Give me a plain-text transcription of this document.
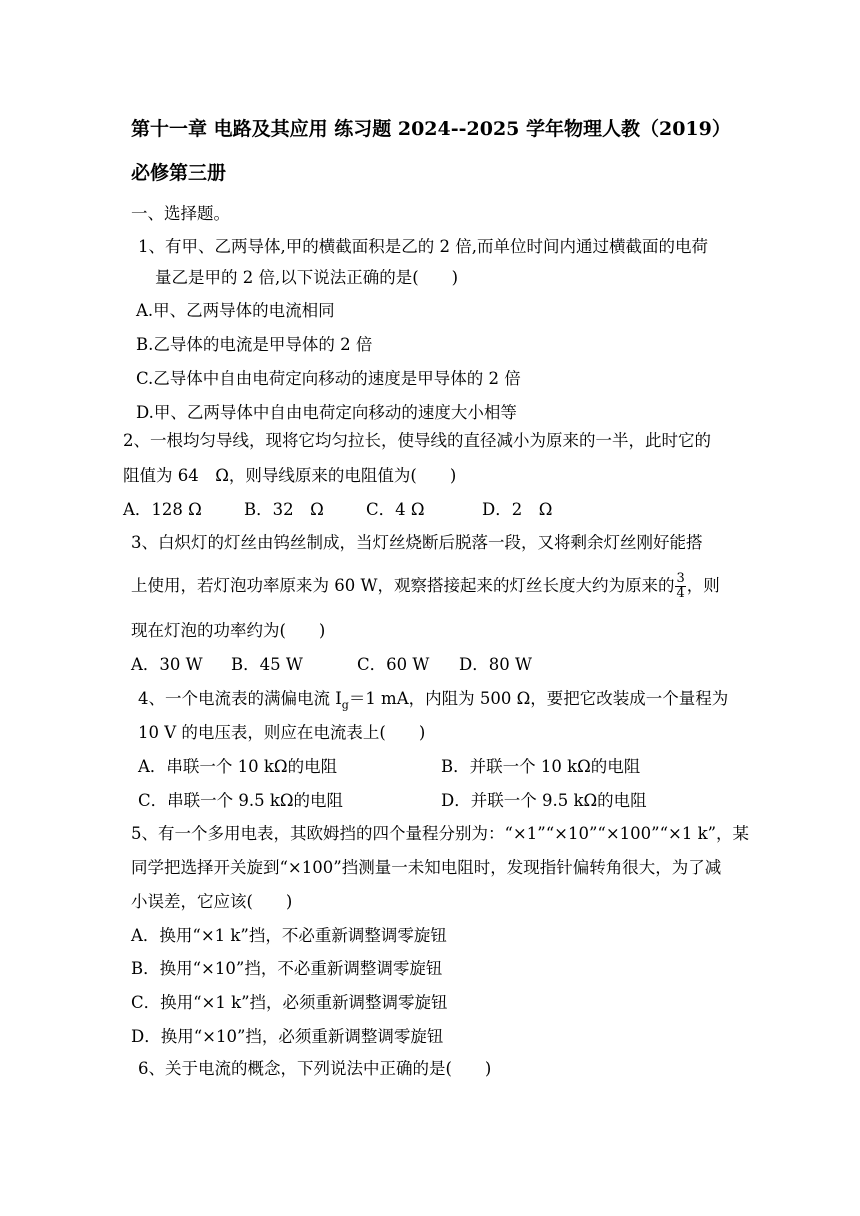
第十一章 电路及其应用 练习题 2024--2025 学年物理人教（2019）
必修第三册
一、选择题。
1、有甲、乙两导体,甲的横截面积是乙的 2 倍,而单位时间内通过横截面的电荷
量乙是甲的 2 倍,以下说法正确的是(　　)
A.甲、乙两导体的电流相同
B.乙导体的电流是甲导体的 2 倍
C.乙导体中自由电荷定向移动的速度是甲导体的 2 倍
D.甲、乙两导体中自由电荷定向移动的速度大小相等
2、一根均匀导线，现将它均匀拉长，使导线的直径减小为原来的一半，此时它的
阻值为 64　Ω，则导线原来的电阻值为(　　)
A．128 Ω	B．32　Ω	C．4 Ω	D．2　Ω
3、白炽灯的灯丝由钨丝制成，当灯丝烧断后脱落一段，又将剩余灯丝刚好能搭
上使用，若灯泡功率原来为 60 W，观察搭接起来的灯丝长度大约为原来的 $\frac{3}{4}$ ，则
现在灯泡的功率约为(　　)
A．30 W B．45 W	C．60 W D．80 W
4、一个电流表的满偏电流 $I_g=1$ mA，内阻为 500 Ω，要把它改装成一个量程为
10 V 的电压表，则应在电流表上(　　)
A．串联一个 10 kΩ的电阻	B．并联一个 10 kΩ的电阻
C．串联一个 9.5 kΩ的电阻	D．并联一个 9.5 kΩ的电阻
5、有一个多用电表，其欧姆挡的四个量程分别为：“×1”“×10”“×100”“×1 k”，某
同学把选择开关旋到“×100”挡测量一未知电阻时，发现指针偏转角很大，为了减
小误差，它应该(　　)
A．换用“×1 k”挡，不必重新调整调零旋钮
B．换用“×10”挡，不必重新调整调零旋钮
C．换用“×1 k”挡，必须重新调整调零旋钮
D．换用“×10”挡，必须重新调整调零旋钮
6、关于电流的概念，下列说法中正确的是(　　)
